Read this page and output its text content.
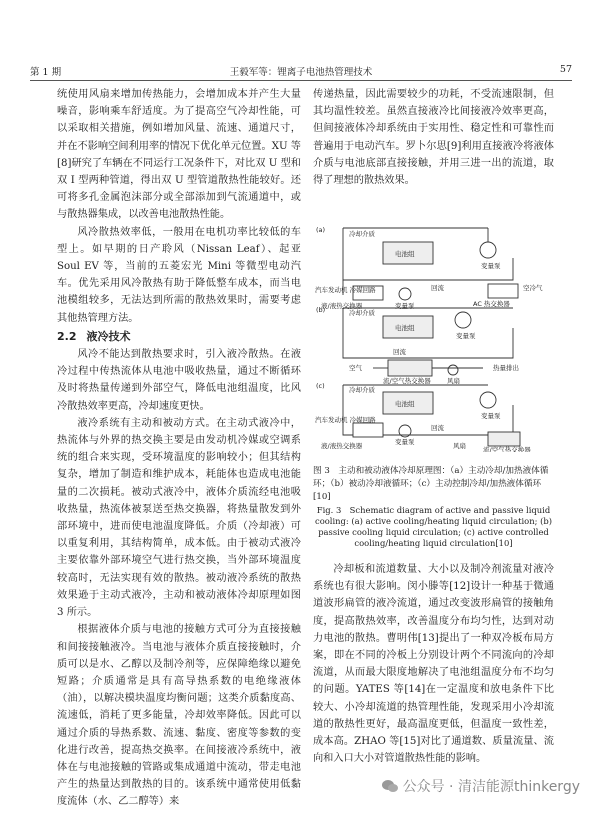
第 1 期	王毅军等：锂离子电池热管理技术	57

统使用风扇来增加传热能力，会增加成本并产生大量噪音，影响乘车舒适度。为了提高空气冷却性能，可以采取相关措施，例如增加风量、流速、通道尺寸，并在不影响空间利用率的情况下优化单元位置。XU 等[8]研究了车辆在不同运行工况条件下，对比双 U 型和双 I 型两种管道，得出双 U 型管道散热性能较好。还可将多孔金属泡沫部分或全部添加到气流通道中，或与散热器集成，以改善电池散热性能。

风冷散热效率低，一般用在电机功率比较低的车型上。如早期的日产聆风（Nissan Leaf）、起亚 Soul EV 等，当前的五菱宏光 Mini 等微型电动汽车。优先采用风冷散热有助于降低整车成本，而当电池模组较多，无法达到所需的散热效果时，需要考虑其他热管理方法。

2.2 液冷技术

风冷不能达到散热要求时，引入液冷散热。在液冷过程中传热流体从电池中吸收热量，通过不断循环及时将热量传递到外部空气，降低电池组温度，比风冷散热效率更高，冷却速度更快。

液冷系统有主动和被动方式。在主动式液冷中，热流体与外界的热交换主要是由发动机冷媒或空调系统的组合来实现，受环境温度的影响较小；但其结构复杂，增加了制造和维护成本，耗能体也造成电池能量的二次损耗。被动式液冷中，液体介质流经电池吸收热量，热流体被泵送至热交换器，将热量散发到外部环境中，进而使电池温度降低。介质（冷却液）可以重复利用，其结构简单，成本低。由于被动式液冷主要依靠外部环境空气进行热交换，当外部环境温度较高时，无法实现有效的散热。被动液冷系统的散热效果逊于主动式液冷，主动和被动液体冷却原理如图 3 所示。

根据液体介质与电池的接触方式可分为直接接触和间接接触液冷。当电池与液体介质直接接触时，介质可以是水、乙醇以及制冷剂等，应保障绝缘以避免短路；介质通常是具有高导热系数的电绝缘液体（油），以解决模块温度均衡问题；这类介质黏度高、流速低，消耗了更多能量，冷却效率降低。因此可以通过介质的导热系数、流速、黏度、密度等参数的变化进行改善，提高热交换率。在间接液冷系统中，液体在与电池接触的管路或集成通道中流动，带走电池产生的热量达到散热的目的。该系统中通常使用低黏度流体（水、乙二醇等）来

传递热量，因此需要较少的功耗，不受流速限制，但其均温性较差。虽然直接液冷比间接液冷效率更高，但间接液体冷却系统由于实用性、稳定性和可靠性而普遍用于电动汽车。罗卜尔思[9]利用直接液冷将液体介质与电池底部直接接触，并用三进一出的流道，取得了理想的散热效果。

(a)	冷却介质
电池组
变量泵
汽车发动机 冷媒回路
液/液热交换器	变量泵
回流	空冷气
AC 热交换器
(b)	冷却介质
电池组
变量泵
回流
空气	热量排出
流/空气热交换器	风扇
(c)	冷却介质
电池组
变量泵
汽车发动机 冷媒回路
液/液热交换器	变量泵
回流
风扇	流/空气热交换器
图 3　主动和被动液体冷却原理图：（a）主动冷却/加热液体循环；（b）被动冷却液循环；（c）主动控制冷却/加热液体循环[10]
Fig. 3　Schematic diagram of active and passive liquid cooling: (a) active cooling/heating liquid circulation; (b) passive cooling liquid circulation; (c) active controlled cooling/heating liquid circulation[10]

冷却板和流道数量、大小以及制冷剂流量对液冷系统也有很大影响。闵小滕等[12]设计一种基于微通道波形扁管的液冷流道，通过改变波形扁管的接触角度，提高散热效率，改善温度分布均匀性，达到对动力电池的散热。曹明伟[13]提出了一种双冷板布局方案，即在不同的冷板上分别设计两个不同流向的冷却流道，从而最大限度地解决了电池组温度分布不均匀的问题。YATES 等[14]在一定温度和放电条件下比较大、小冷却流道的热管理性能，发现采用小冷却流道的散热性更好，最高温度更低，但温度一致性差，成本高。ZHAO 等[15]对比了通道数、质量流量、流向和入口大小对管道散热性能的影响。

公众号 · 清洁能源thinkergy
